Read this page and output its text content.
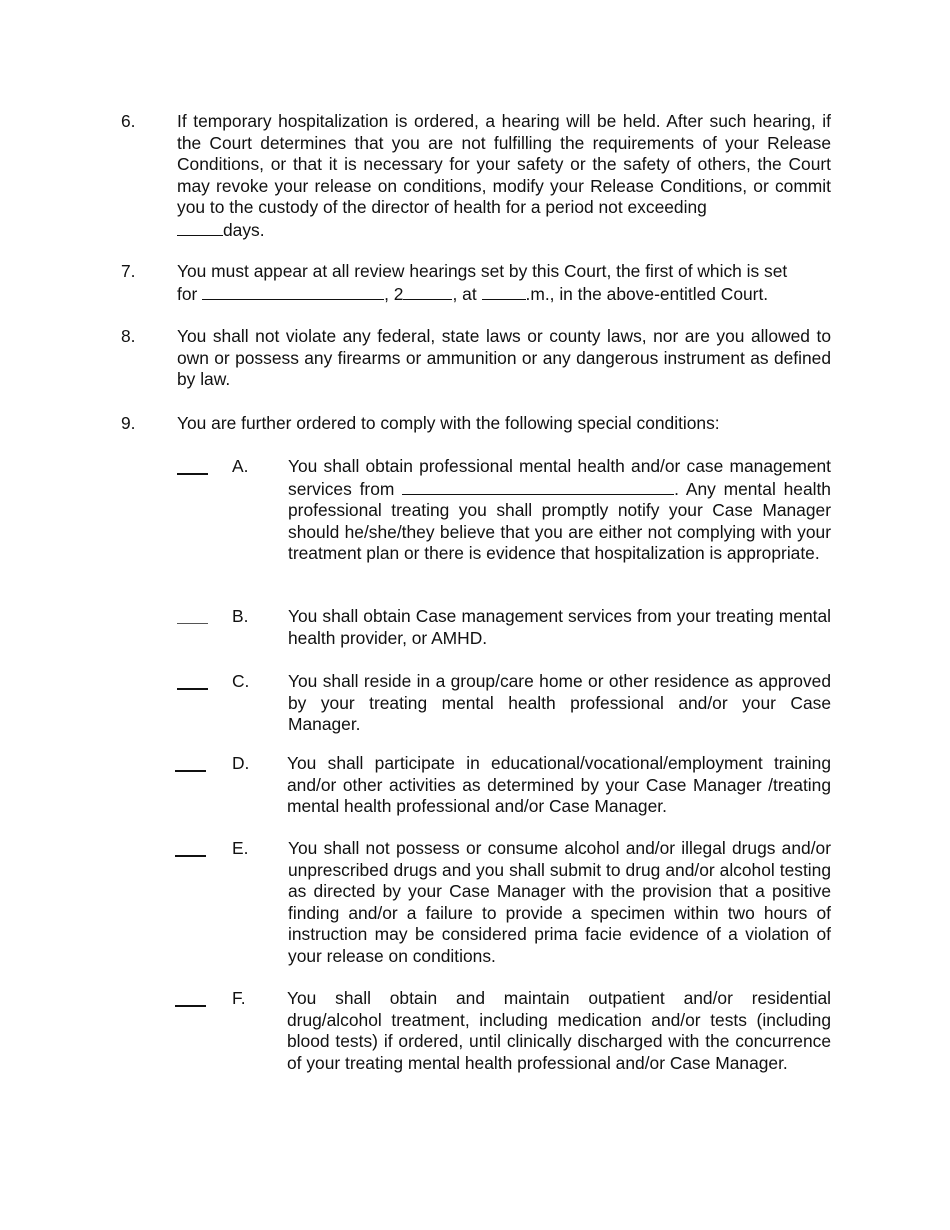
6. If temporary hospitalization is ordered, a hearing will be held. After such hearing, if the Court determines that you are not fulfilling the requirements of your Release Conditions, or that it is necessary for your safety or the safety of others, the Court may revoke your release on conditions, modify your Release Conditions, or commit you to the custody of the director of health for a period not exceeding
days.
7. You must appear at all review hearings set by this Court, the first of which is set
for	, 2	, at	.m., in the above-entitled Court.
8. You shall not violate any federal, state laws or county laws, nor are you allowed to own or possess any firearms or ammunition or any dangerous instrument as defined by law.
9. You are further ordered to comply with the following special conditions:
A. You shall obtain professional mental health and/or case management services from	. Any mental health professional treating you shall promptly notify your Case Manager should he/she/they believe that you are either not complying with your treatment plan or there is evidence that hospitalization is appropriate.
B. You shall obtain Case management services from your treating mental health provider, or AMHD.
C. You shall reside in a group/care home or other residence as approved by your treating mental health professional and/or your Case Manager.
D. You shall participate in educational/vocational/employment training and/or other activities as determined by your Case Manager /treating mental health professional and/or Case Manager.
E. You shall not possess or consume alcohol and/or illegal drugs and/or unprescribed drugs and you shall submit to drug and/or alcohol testing as directed by your Case Manager with the provision that a positive finding and/or a failure to provide a specimen within two hours of instruction may be considered prima facie evidence of a violation of your release on conditions.
F. You shall obtain and maintain outpatient and/or residential drug/alcohol treatment, including medication and/or tests (including blood tests) if ordered, until clinically discharged with the concurrence of your treating mental health professional and/or Case Manager.
